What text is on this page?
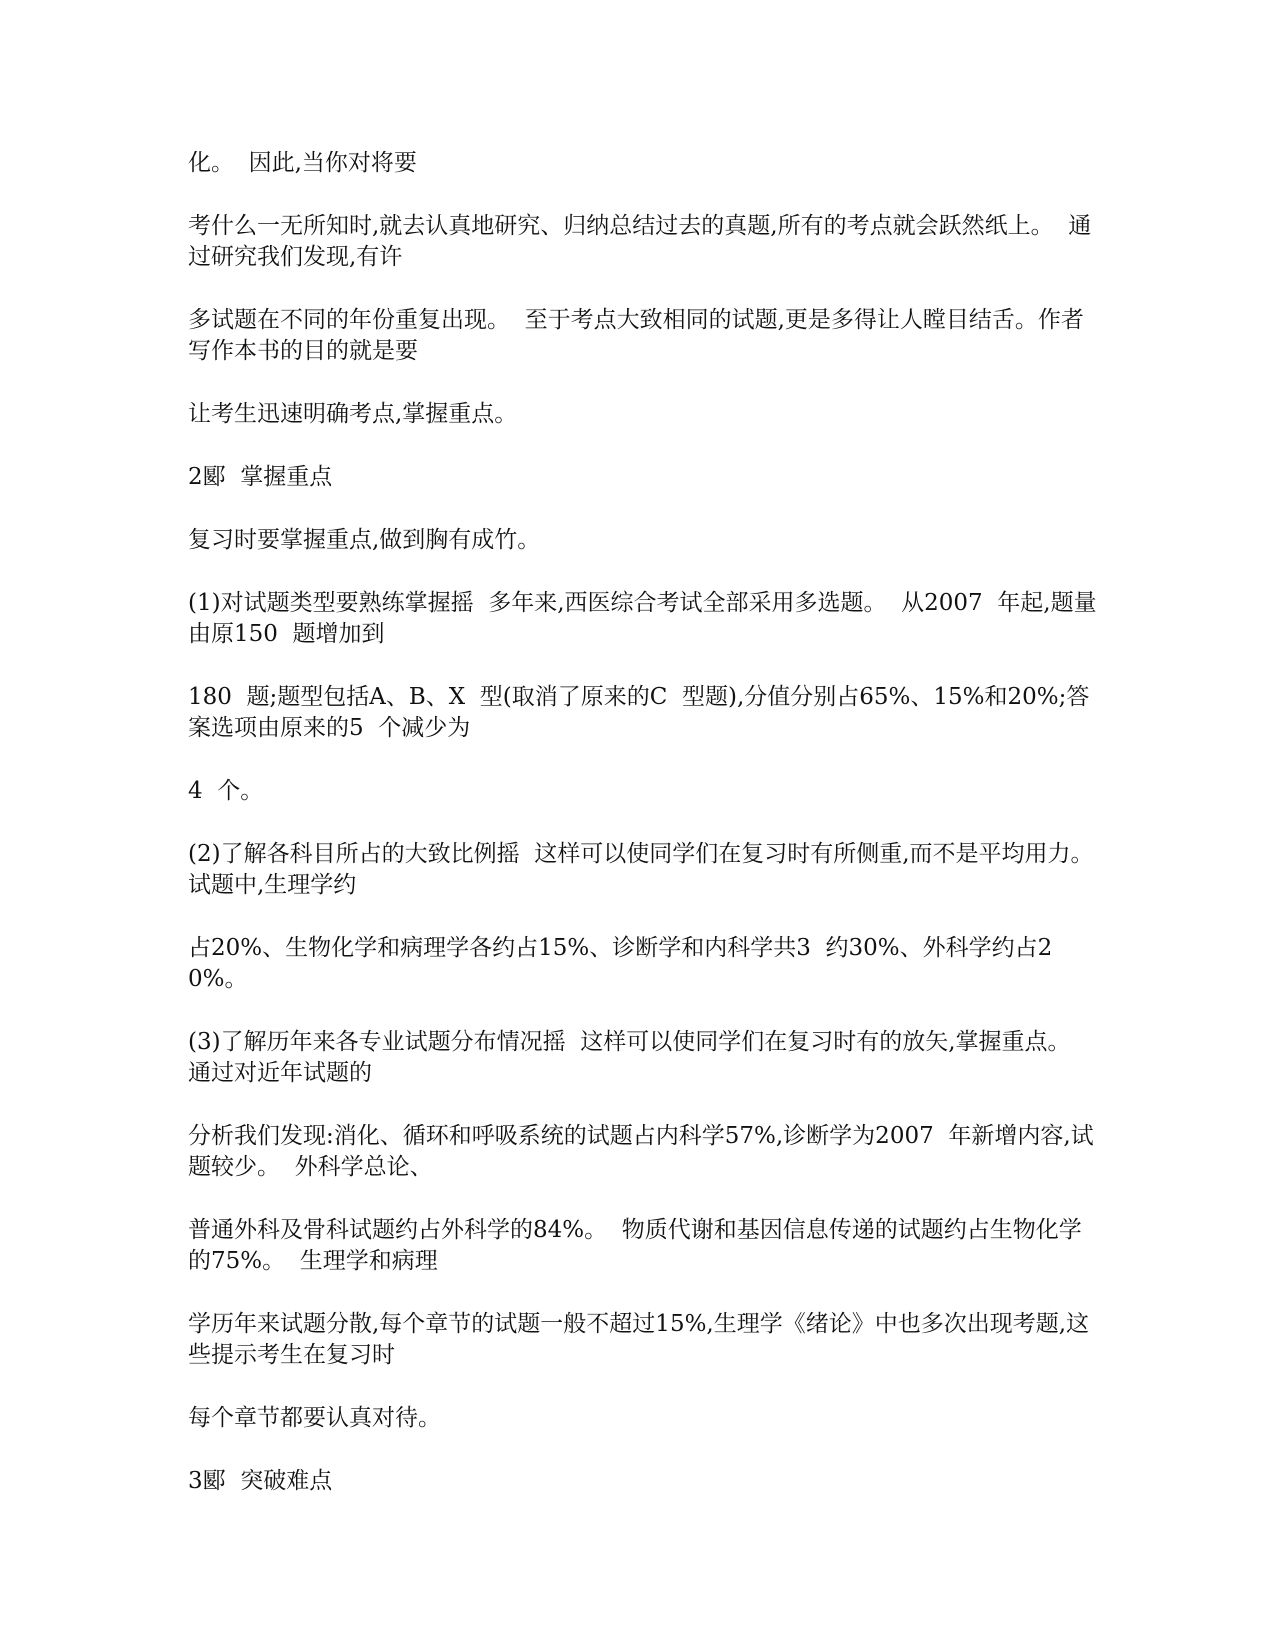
化。  因此,当你对将要

考什么一无所知时,就去认真地研究、归纳总结过去的真题,所有的考点就会跃然纸上。  通过研究我们发现,有许

多试题在不同的年份重复出现。  至于考点大致相同的试题,更是多得让人瞠目结舌。作者写作本书的目的就是要

让考生迅速明确考点,掌握重点。

2郾  掌握重点

复习时要掌握重点,做到胸有成竹。

(1)对试题类型要熟练掌握摇  多年来,西医综合考试全部采用多选题。  从2007  年起,题量由原150  题增加到

180  题;题型包括A、B、X  型(取消了原来的C  型题),分值分别占65%、15%和20%;答案选项由原来的5  个减少为

4  个。

(2)了解各科目所占的大致比例摇  这样可以使同学们在复习时有所侧重,而不是平均用力。  试题中,生理学约

占20%、生物化学和病理学各约占15%、诊断学和内科学共3  约30%、外科学约占20%。

(3)了解历年来各专业试题分布情况摇  这样可以使同学们在复习时有的放矢,掌握重点。  通过对近年试题的

分析我们发现:消化、循环和呼吸系统的试题占内科学57%,诊断学为2007  年新增内容,试题较少。  外科学总论、

普通外科及骨科试题约占外科学的84%。  物质代谢和基因信息传递的试题约占生物化学的75%。  生理学和病理

学历年来试题分散,每个章节的试题一般不超过15%,生理学《绪论》中也多次出现考题,这些提示考生在复习时

每个章节都要认真对待。

3郾  突破难点
